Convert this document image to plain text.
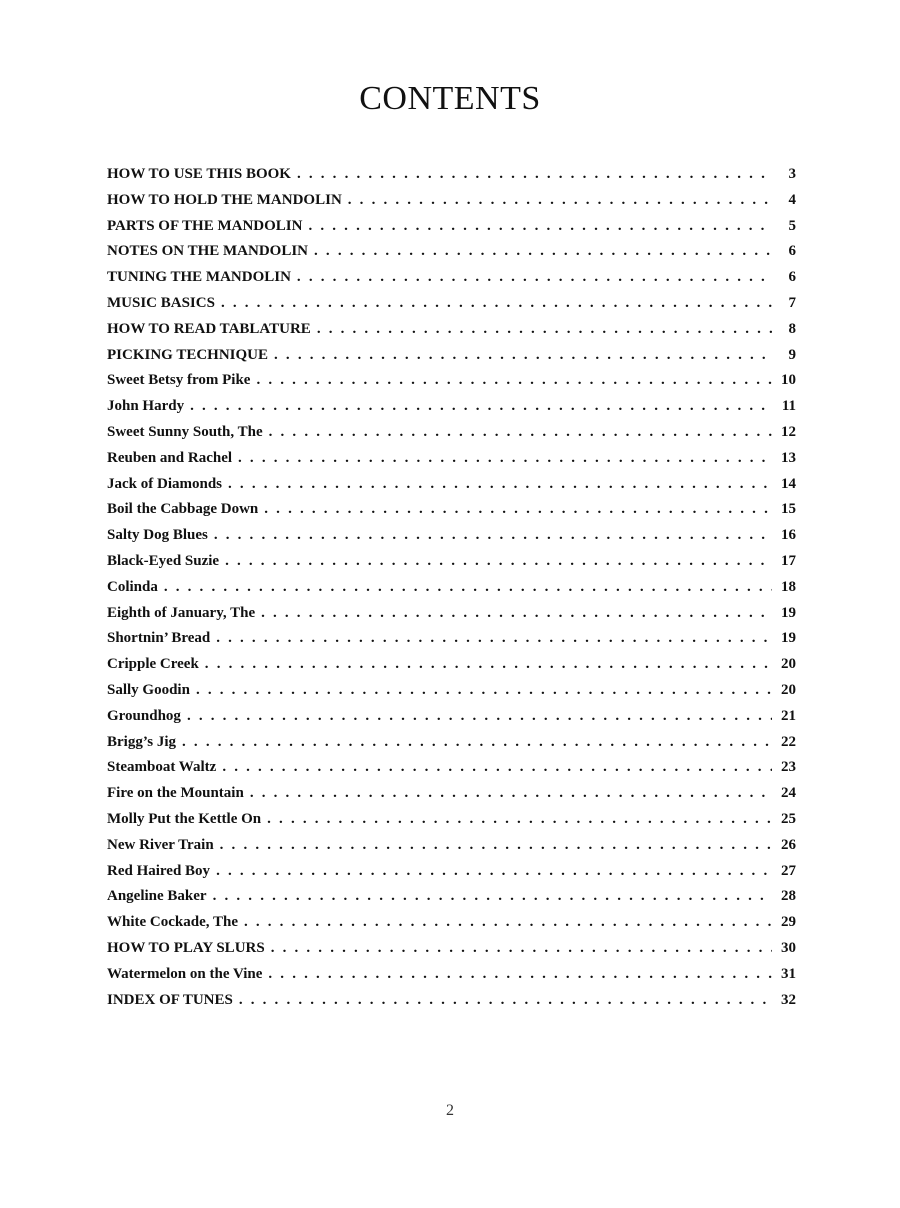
CONTENTS
HOW TO USE THIS BOOK . . .	3
HOW TO HOLD THE MANDOLIN . . .	4
PARTS OF THE MANDOLIN . . .	5
NOTES ON THE MANDOLIN . . .	6
TUNING THE MANDOLIN . . .	6
MUSIC BASICS . . .	7
HOW TO READ TABLATURE . . .	8
PICKING TECHNIQUE . . .	9
Sweet Betsy from Pike . . .	10
John Hardy . . .	11
Sweet Sunny South, The . . .	12
Reuben and Rachel . . .	13
Jack of Diamonds . . .	14
Boil the Cabbage Down . . .	15
Salty Dog Blues . . .	16
Black-Eyed Suzie . . .	17
Colinda . . .	18
Eighth of January, The . . .	19
Shortnin’ Bread . . .	19
Cripple Creek . . .	20
Sally Goodin . . .	20
Groundhog . . .	21
Brigg’s Jig . . .	22
Steamboat Waltz . . .	23
Fire on the Mountain . . .	24
Molly Put the Kettle On . . .	25
New River Train . . .	26
Red Haired Boy . . .	27
Angeline Baker . . .	28
White Cockade, The . . .	29
HOW TO PLAY SLURS . . .	30
Watermelon on the Vine . . .	31
INDEX OF TUNES . . .	32
2
